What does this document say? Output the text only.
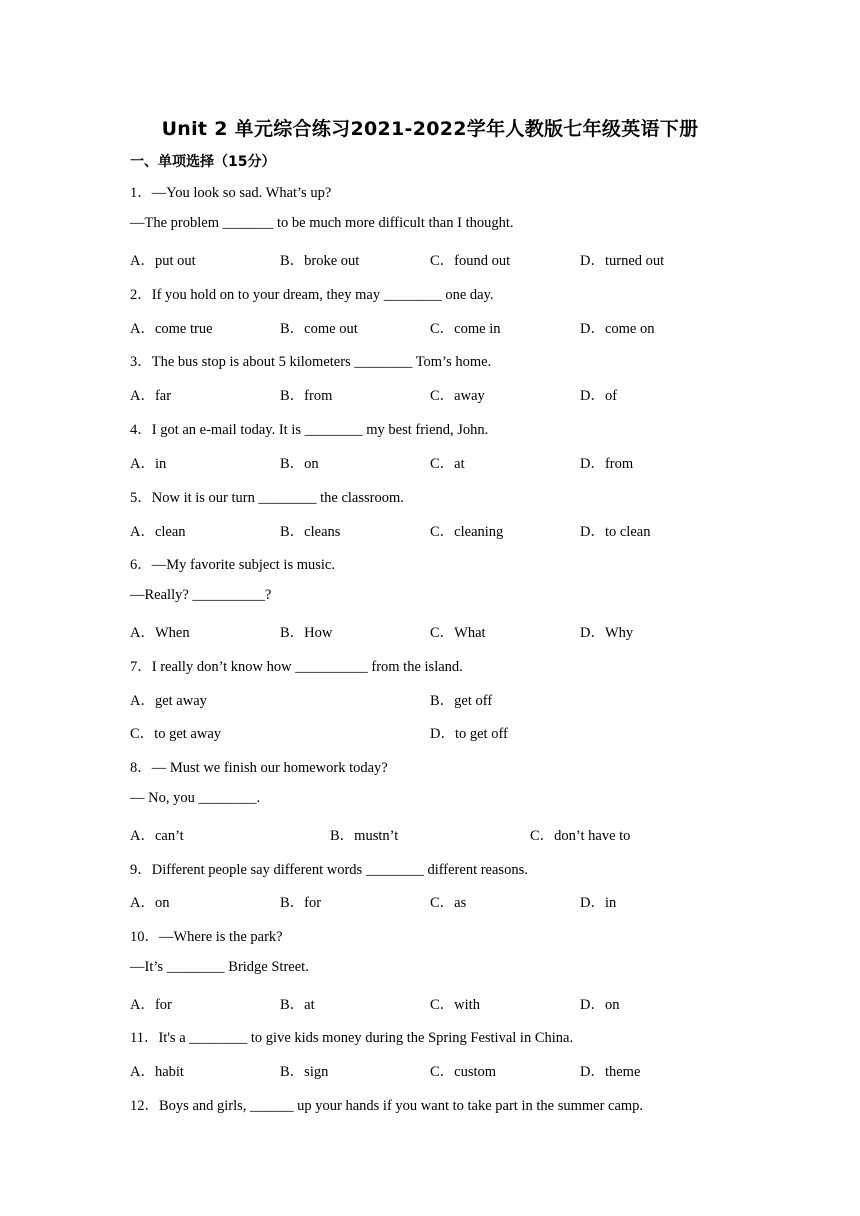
Unit 2 单元综合练习2021-2022学年人教版七年级英语下册
一、单项选择（15分）
1．—You look so sad. What’s up?
—The problem _______ to be much more difficult than I thought.
A．put out	B．broke out	C．found out	D．turned out
2．If you hold on to your dream, they may ________ one day.
A．come true	B．come out	C．come in	D．come on
3．The bus stop is about 5 kilometers ________ Tom’s home.
A．far	B．from	C．away	D．of
4．I got an e-mail today. It is ________ my best friend, John.
A．in	B．on	C．at	D．from
5．Now it is our turn ________ the classroom.
A．clean	B．cleans	C．cleaning	D．to clean
6．—My favorite subject is music.
—Really? __________?
A．When	B．How	C．What	D．Why
7．I really don’t know how __________ from the island.
A．get away	B．get off
C．to get away	D．to get off
8．— Must we finish our homework today?
— No, you ________.
A．can’t	B．mustn’t	C．don’t have to
9．Different people say different words ________ different reasons.
A．on	B．for	C．as	D．in
10．—Where is the park?
—It’s ________ Bridge Street.
A．for	B．at	C．with	D．on
11．It's a ________ to give kids money during the Spring Festival in China.
A．habit	B．sign	C．custom	D．theme
12．Boys and girls, ______ up your hands if you want to take part in the summer camp.
